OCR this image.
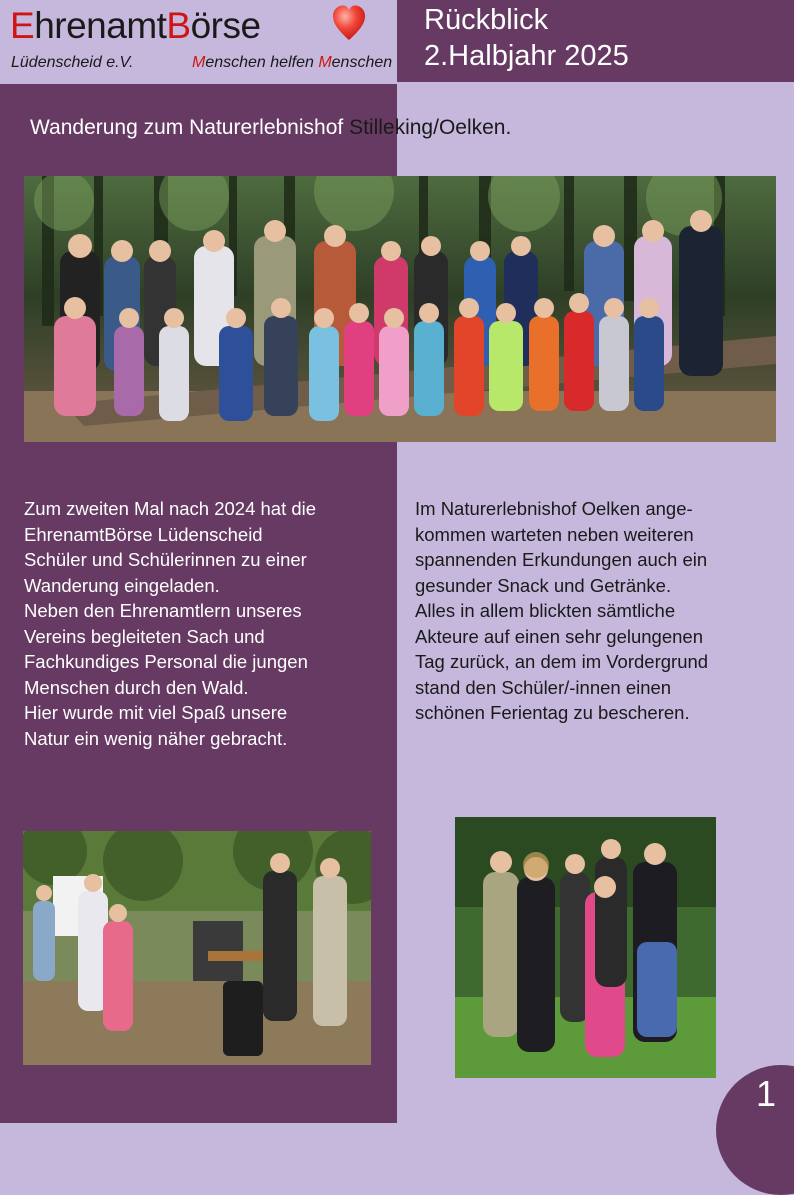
EhrenamtBörse
Lüdenscheid e.V.	Menschen helfen Menschen
Rückblick
2.Halbjahr 2025
Wanderung zum Naturerlebnishof Stilleking/Oelken.
Zum zweiten Mal nach 2024 hat die
EhrenamtBörse Lüdenscheid
Schüler und Schülerinnen zu einer
Wanderung eingeladen.
Neben den Ehrenamtlern unseres
Vereins begleiteten Sach und
Fachkundiges Personal die jungen
Menschen durch den Wald.
Hier wurde mit viel Spaß unsere
Natur ein wenig näher gebracht.
Im Naturerlebnishof Oelken ange-
kommen warteten neben weiteren
spannenden Erkundungen auch ein
gesunder Snack und Getränke.
Alles in allem blickten sämtliche
Akteure auf einen sehr gelungenen
Tag zurück, an dem im Vordergrund
stand den Schüler/-innen einen
schönen Ferientag zu bescheren.
1
